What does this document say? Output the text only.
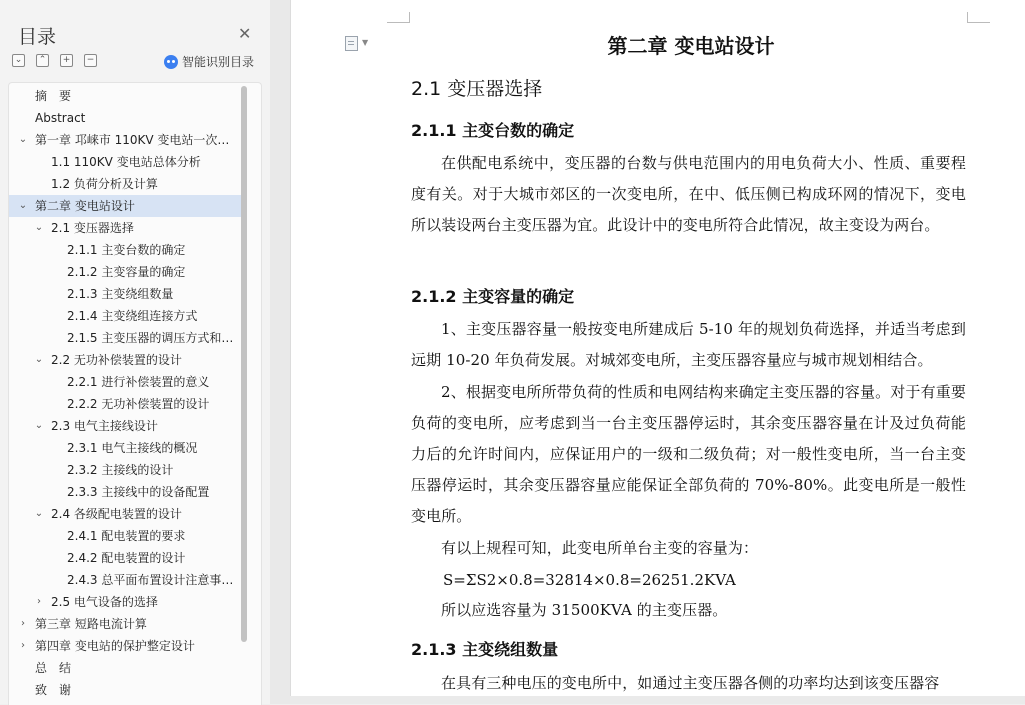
目录	✕
⌄	⌃	+	−	智能识别目录
摘　要
Abstract
⌄ 第一章 邛崃市 110KV 变电站一次…
1.1 110KV 变电站总体分析
1.2 负荷分析及计算
⌄ 第二章 变电站设计
⌄ 2.1 变压器选择
2.1.1 主变台数的确定
2.1.2 主变容量的确定
2.1.3 主变绕组数量
2.1.4 主变绕组连接方式
2.1.5 主变压器的调压方式和…
⌄ 2.2 无功补偿装置的设计
2.2.1 进行补偿装置的意义
2.2.2 无功补偿装置的设计
⌄ 2.3 电气主接线设计
2.3.1 电气主接线的概况
2.3.2 主接线的设计
2.3.3 主接线中的设备配置
⌄ 2.4 各级配电装置的设计
2.4.1 配电装置的要求
2.4.2 配电装置的设计
2.4.3 总平面布置设计注意事…
› 2.5 电气设备的选择
› 第三章 短路电流计算
› 第四章 变电站的保护整定设计
总　结
致　谢
▼	第二章 变电站设计
2.1 变压器选择
2.1.1 主变台数的确定
在供配电系统中，变压器的台数与供电范围内的用电负荷大小、性质、重要程度有关。对于大城市郊区的一次变电所，在中、低压侧已构成环网的情况下，变电所以装设两台主变压器为宜。此设计中的变电所符合此情况，故主变设为两台。
2.1.2 主变容量的确定
1、主变压器容量一般按变电所建成后 5-10 年的规划负荷选择，并适当考虑到远期 10-20 年负荷发展。对城郊变电所，主变压器容量应与城市规划相结合。
2、根据变电所所带负荷的性质和电网结构来确定主变压器的容量。对于有重要负荷的变电所，应考虑到当一台主变压器停运时，其余变压器容量在计及过负荷能力后的允许时间内，应保证用户的一级和二级负荷；对一般性变电所，当一台主变压器停运时，其余变压器容量应能保证全部负荷的 70%-80%。此变电所是一般性变电所。
有以上规程可知，此变电所单台主变的容量为：
S=ΣS2×0.8=32814×0.8=26251.2KVA
所以应选容量为 31500KVA 的主变压器。
2.1.3 主变绕组数量
在具有三种电压的变电所中，如通过主变压器各侧的功率均达到该变压器容
